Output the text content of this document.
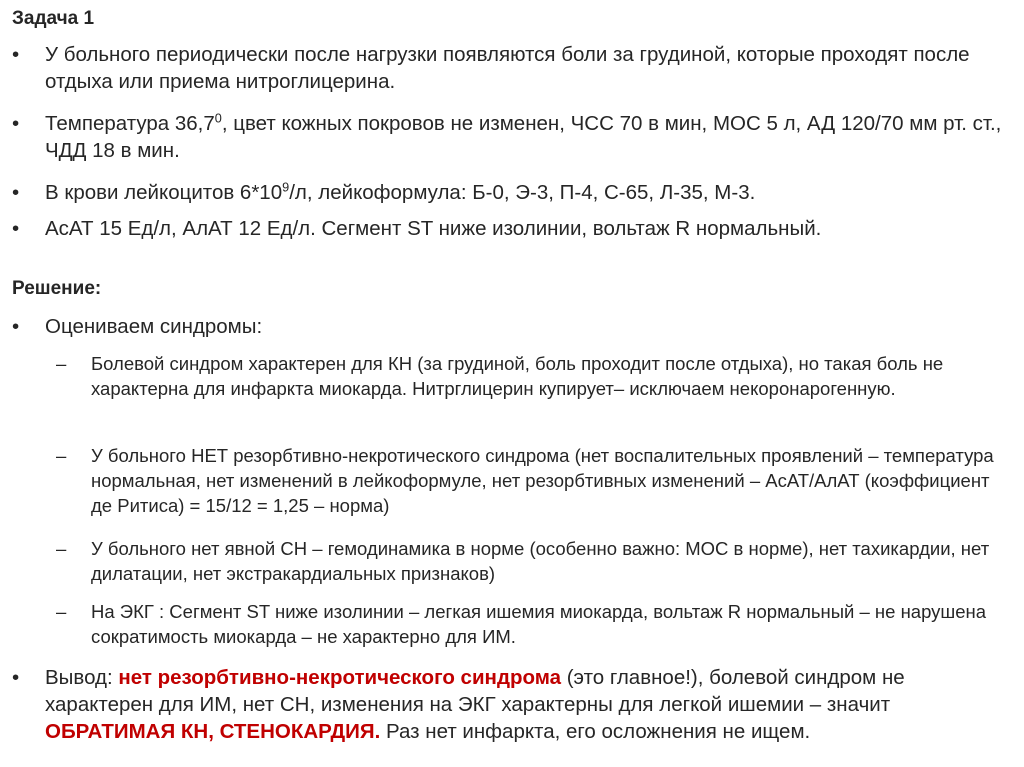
Задача 1
•	У больного периодически после нагрузки появляются боли за грудиной, которые проходят после отдыха или приема нитроглицерина.
•	Температура 36,7$^0$, цвет кожных покровов не изменен, ЧСС 70 в мин, МОС 5 л, АД 120/70 мм рт. ст., ЧДД 18 в мин.
•	В крови лейкоцитов $6*10^9/л$, лейкоформула: Б-0, Э-3, П-4, С-65, Л-35, М-3.
•	АсАТ 15 Ед/л, АлАТ 12 Ед/л. Сегмент ST ниже изолинии, вольтаж R нормальный.
Решение:
•	Оцениваем синдромы:
–	Болевой синдром характерен для КН (за грудиной, боль проходит после отдыха), но такая боль не характерна для инфаркта миокарда. Нитрглицерин купирует– исключаем некоронарогенную.
–	У больного НЕТ резорбтивно-некротического синдрома (нет воспалительных проявлений – температура нормальная, нет изменений в лейкоформуле, нет резорбтивных изменений – АсАТ/АлАТ (коэффициент де Ритиса) = 15/12 = 1,25 – норма)
–	У больного нет явной СН – гемодинамика в норме (особенно важно: МОС в норме), нет тахикардии, нет дилатации, нет экстракардиальных признаков)
–	На ЭКГ : Сегмент ST ниже изолинии – легкая ишемия миокарда, вольтаж R нормальный – не нарушена сократимость миокарда – не характерно для ИМ.
•	Вывод: нет резорбтивно-некротического синдрома (это главное!), болевой синдром не характерен для ИМ, нет СН, изменения на ЭКГ характерны для легкой ишемии – значит ОБРАТИМАЯ КН, СТЕНОКАРДИЯ. Раз нет инфаркта, его осложнения не ищем.
